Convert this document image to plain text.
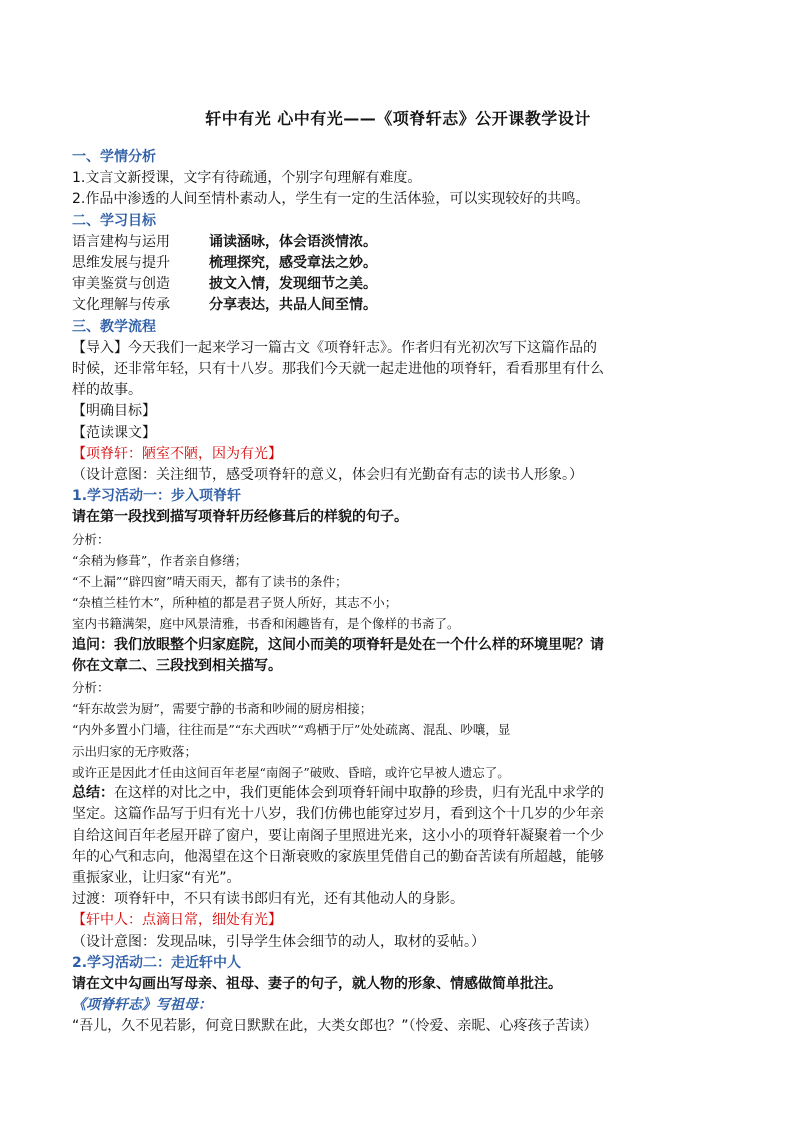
轩中有光 心中有光——《项脊轩志》公开课教学设计

一、学情分析

1.文言文新授课，文字有待疏通，个别字句理解有难度。

2.作品中渗透的人间至情朴素动人，学生有一定的生活体验，可以实现较好的共鸣。

二、学习目标

语言建构与运用	诵读涵咏，体会语淡情浓。
思维发展与提升	梳理探究，感受章法之妙。
审美鉴赏与创造	披文入情，发现细节之美。
文化理解与传承	分享表达，共品人间至情。

三、教学流程

【导入】今天我们一起来学习一篇古文《项脊轩志》。作者归有光初次写下这篇作品的

时候，还非常年轻，只有十八岁。那我们今天就一起走进他的项脊轩，看看那里有什么

样的故事。

【明确目标】

【范读课文】

【项脊轩：陋室不陋，因为有光】

（设计意图：关注细节，感受项脊轩的意义，体会归有光勤奋有志的读书人形象。）

1.学习活动一：步入项脊轩

请在第一段找到描写项脊轩历经修葺后的样貌的句子。

分析：

“余稍为修葺”，作者亲自修缮；

“不上漏”“辟四窗”晴天雨天，都有了读书的条件；

“杂植兰桂竹木”，所种植的都是君子贤人所好，其志不小；

室内书籍满架，庭中风景清雅，书香和闲趣皆有，是个像样的书斋了。

追问：我们放眼整个归家庭院，这间小而美的项脊轩是处在一个什么样的环境里呢？请

你在文章二、三段找到相关描写。

分析：

“轩东故尝为厨”，需要宁静的书斋和吵闹的厨房相接；

“内外多置小门墙，往往而是”“东犬西吠”“鸡栖于厅”处处疏离、混乱、吵嚷，显

示出归家的无序败落；

或许正是因此才任由这间百年老屋“南阁子”破败、昏暗，或许它早被人遗忘了。

总结：在这样的对比之中，我们更能体会到项脊轩闹中取静的珍贵，归有光乱中求学的

坚定。这篇作品写于归有光十八岁，我们仿佛也能穿过岁月，看到这个十几岁的少年亲

自给这间百年老屋开辟了窗户，要让南阁子里照进光来，这小小的项脊轩凝聚着一个少

年的心气和志向，他渴望在这个日渐衰败的家族里凭借自己的勤奋苦读有所超越，能够

重振家业，让归家“有光”。

过渡：项脊轩中，不只有读书郎归有光，还有其他动人的身影。

【轩中人：点滴日常，细处有光】

（设计意图：发现品味，引导学生体会细节的动人，取材的妥帖。）

2.学习活动二：走近轩中人

请在文中勾画出写母亲、祖母、妻子的句子，就人物的形象、情感做简单批注。

《项脊轩志》写祖母：

“吾儿，久不见若影，何竟日默默在此，大类女郎也？”（怜爱、亲昵、心疼孩子苦读）
